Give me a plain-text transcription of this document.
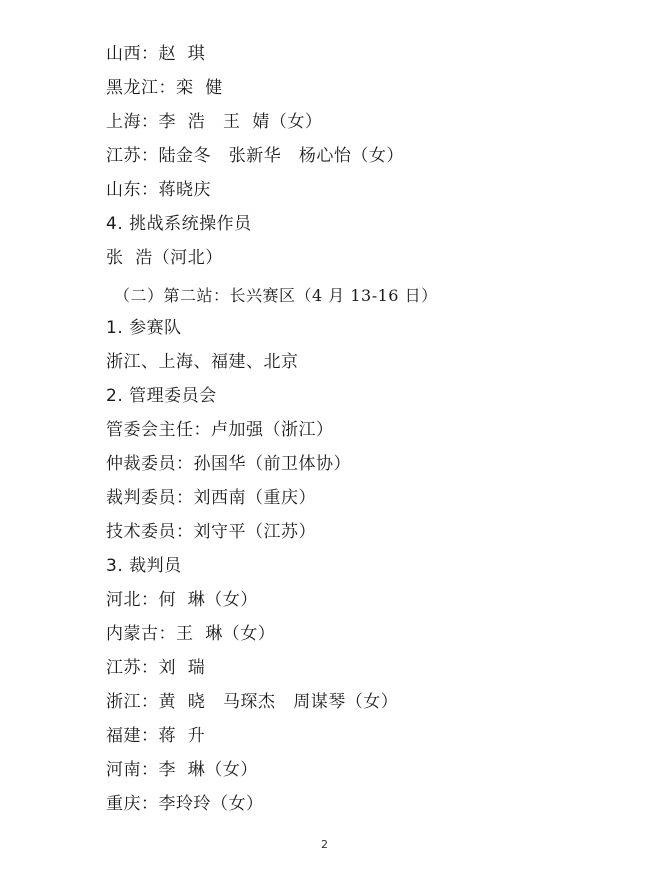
山西：赵  琪
黑龙江：栾  健
上海：李  浩   王  婧（女）
江苏：陆金冬   张新华   杨心怡（女）
山东：蒋晓庆
4. 挑战系统操作员
张  浩（河北）
（二）第二站：长兴赛区（4 月 13-16 日）
1. 参赛队
浙江、上海、福建、北京
2. 管理委员会
管委会主任：卢加强（浙江）
仲裁委员：孙国华（前卫体协）
裁判委员：刘西南（重庆）
技术委员：刘守平（江苏）
3. 裁判员
河北：何  琳（女）
内蒙古：王  琳（女）
江苏：刘  瑞
浙江：黄  晓   马琛杰   周谋琴（女）
福建：蒋  升
河南：李  琳（女）
重庆：李玲玲（女）
2
